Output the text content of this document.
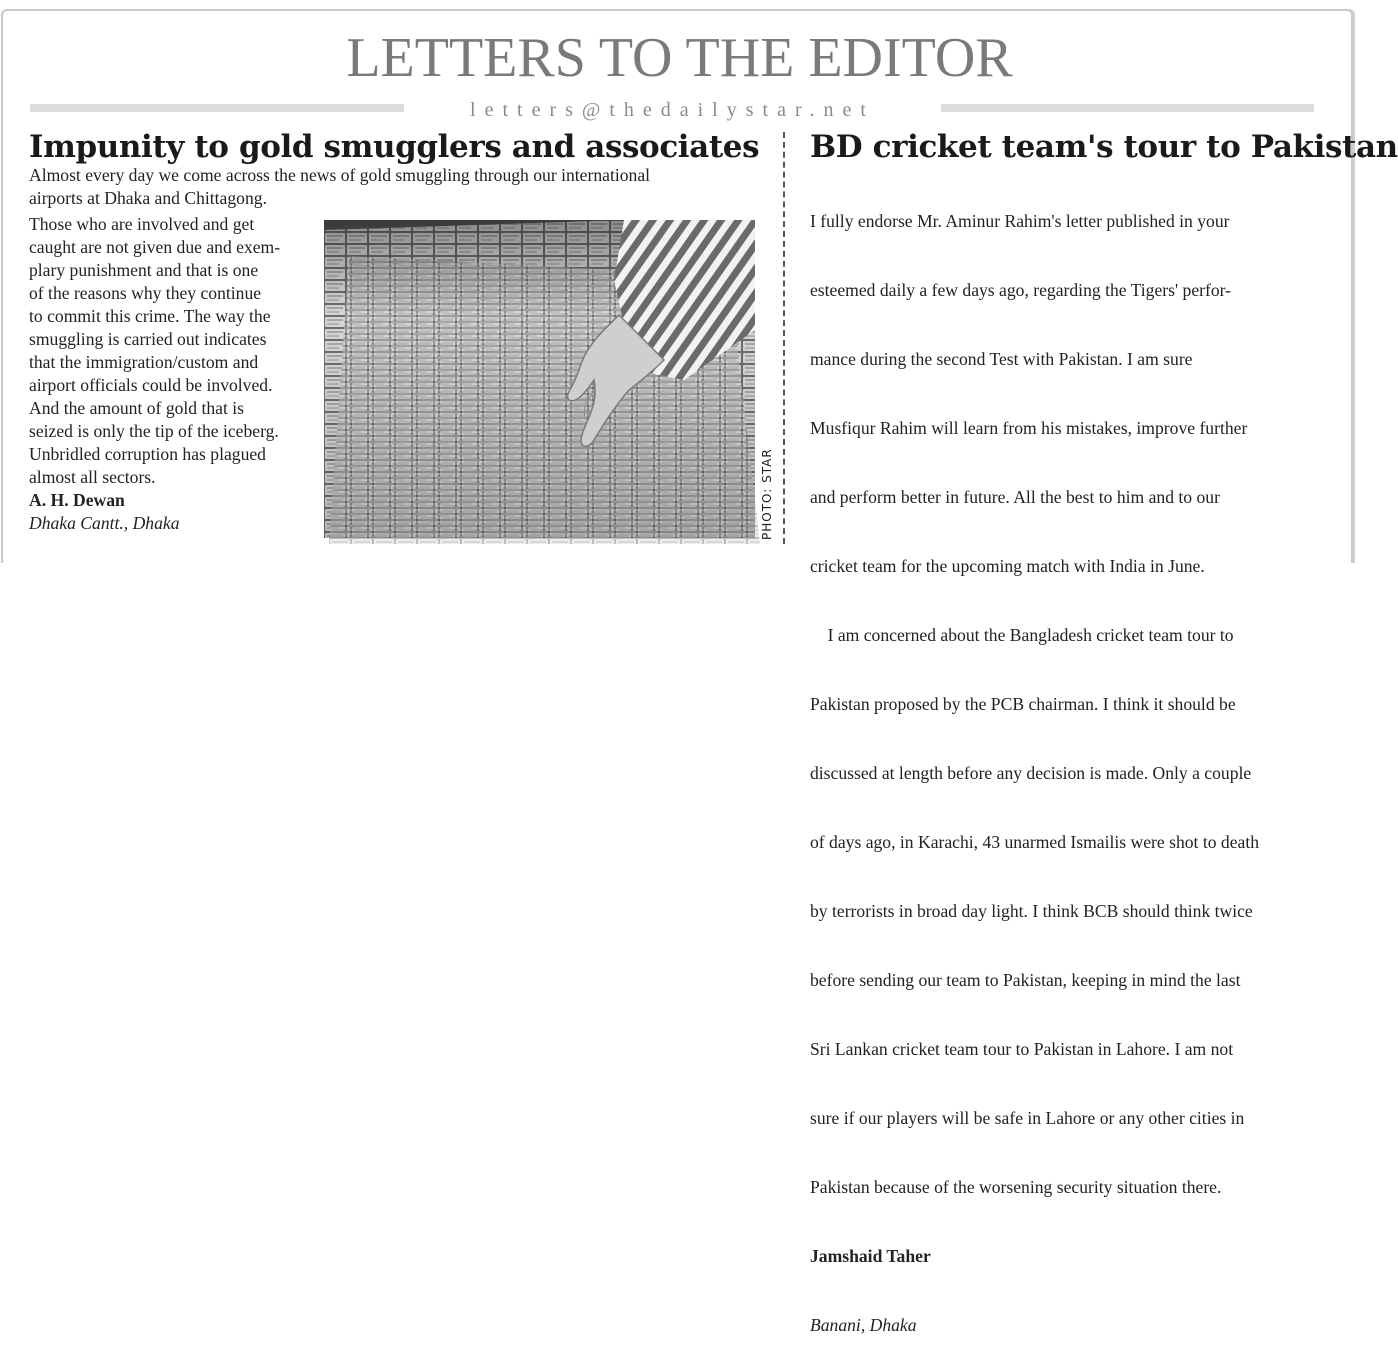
LETTERS TO THE EDITOR
letters@thedailystar.net
Impunity to gold smugglers and associates

Almost every day we come across the news of gold smuggling through our international

airports at Dhaka and Chittagong.

Those who are involved and get

caught are not given due and exem-

plary punishment and that is one

of the reasons why they continue

to commit this crime. The way the

smuggling is carried out indicates

that the immigration/custom and

airport officials could be involved.

And the amount of gold that is

seized is only the tip of the iceberg.

Unbridled corruption has plagued

almost all sectors.

A. H. Dewan

Dhaka Cantt., Dhaka	PHOTO: STAR
BD cricket team's tour to Pakistan

I fully endorse Mr. Aminur Rahim's letter published in your

esteemed daily a few days ago, regarding the Tigers' perfor-

mance during the second Test with Pakistan. I am sure

Musfiqur Rahim will learn from his mistakes, improve further

and perform better in future. All the best to him and to our

cricket team for the upcoming match with India in June.

I am concerned about the Bangladesh cricket team tour to

Pakistan proposed by the PCB chairman. I think it should be

discussed at length before any decision is made. Only a couple

of days ago, in Karachi, 43 unarmed Ismailis were shot to death

by terrorists in broad day light. I think BCB should think twice

before sending our team to Pakistan, keeping in mind the last

Sri Lankan cricket team tour to Pakistan in Lahore. I am not

sure if our players will be safe in Lahore or any other cities in

Pakistan because of the worsening security situation there.

Jamshaid Taher

Banani, Dhaka
